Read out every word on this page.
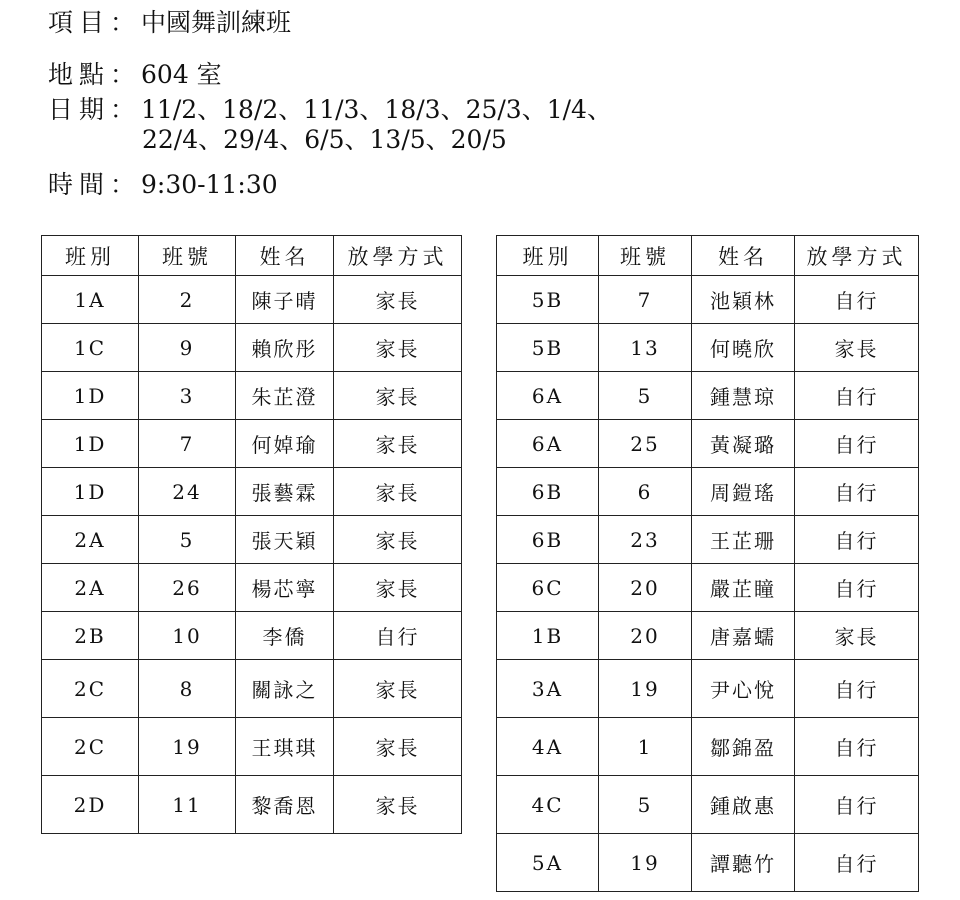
項目：中國舞訓練班
地點：604 室
日期：11/2、18/2、11/3、18/3、25/3、1/4、
22/4、29/4、6/5、13/5、20/5
時間：9:30-11:30
班別	班號	姓名	放學方式
1A	2	陳子晴	家長
1C	9	賴欣彤	家長
1D	3	朱芷澄	家長
1D	7	何婥瑜	家長
1D	24	張藝霖	家長
2A	5	張天穎	家長
2A	26	楊芯寧	家長
2B	10	李僑	自行
2C	8	關詠之	家長
2C	19	王琪琪	家長
2D	11	黎喬恩	家長
班別	班號	姓名	放學方式
5B	7	池穎林	自行
5B	13	何曉欣	家長
6A	5	鍾慧琼	自行
6A	25	黃凝璐	自行
6B	6	周鎧瑤	自行
6B	23	王芷珊	自行
6C	20	嚴芷瞳	自行
1B	20	唐嘉蠕	家長
3A	19	尹心悅	自行
4A	1	鄒錦盈	自行
4C	5	鍾啟惠	自行
5A	19	譚聽竹	自行
